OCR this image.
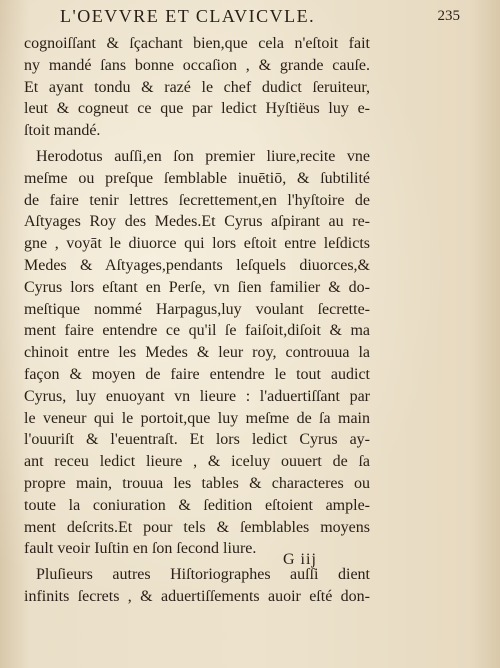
L'OEVVRE ET CLAVICVLE.	235
cognoiſſant & ſçachant bien,que cela n'eſtoit fait
ny mandé ſans bonne occaſion , & grande cauſe.
Et ayant tondu & razé le chef dudict ſeruiteur,
leut & cogneut ce que par ledict Hyſtiëus luy e-
ſtoit mandé.
Herodotus auſſi,en ſon premier liure,recite vne
meſme ou preſque ſemblable inuētiō, & ſubtilité
de faire tenir lettres ſecrettement,en l'hyſtoire de
Aſtyages Roy des Medes.Et Cyrus aſpirant au re-
gne , voyāt le diuorce qui lors eſtoit entre leſdicts
Medes & Aſtyages,pendants leſquels diuorces,&
Cyrus lors eſtant en Perſe, vn ſien familier & do-
meſtique nommé Harpagus,luy voulant ſecrette-
ment faire entendre ce qu'il ſe faiſoit,diſoit & ma
chinoit entre les Medes & leur roy, controuua la
façon & moyen de faire entendre le tout audict
Cyrus, luy enuoyant vn lieure : l'aduertiſſant par
le veneur qui le portoit,que luy meſme de ſa main
l'ouuriſt & l'euentraſt. Et lors ledict Cyrus ay-
ant receu ledict lieure , & iceluy ouuert de ſa
propre main, trouua les tables & characteres ou
toute la coniuration & ſedition eſtoient ample-
ment deſcrits.Et pour tels & ſemblables moyens
fault veoir Iuſtin en ſon ſecond liure.
Pluſieurs autres Hiſtoriographes auſſi dient
infinits ſecrets , & aduertiſſements auoir eſté don-
G iij
